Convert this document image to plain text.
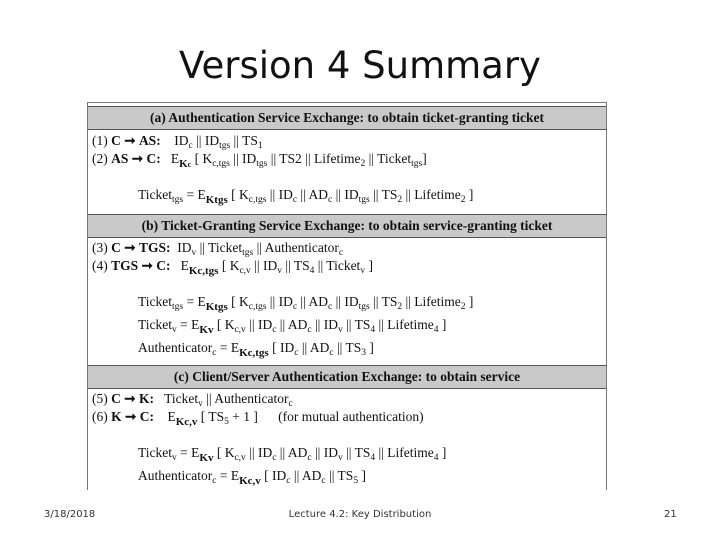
Version 4 Summary
(a) Authentication Service Exchange: to obtain ticket-granting ticket
(1) C ➞ AS:    $ID_c$ || $ID_{tgs}$ || $TS_1$
(2) AS ➞ C:   $E_{Kc}$ [ $K_{c,tgs}$ || $ID_{tgs}$ || TS2 || Lifetime$_2$ || Ticket$_{tgs}$]
Ticket$_{tgs}$ = $E_{Ktgs}$ [ $K_{c,tgs}$ || $ID_c$ || $AD_c$ || $ID_{tgs}$ || $TS_2$ || Lifetime$_2$ ]
(b) Ticket-Granting Service Exchange: to obtain service-granting ticket
(3) C ➞ TGS:  $ID_v$ || Ticket$_{tgs}$ || Authenticator$_c$
(4) TGS ➞ C:   $E_{Kc,tgs}$ [ $K_{c,v}$ || $ID_v$ || $TS_4$ || Ticket$_v$ ]
Ticket$_{tgs}$ = $E_{Ktgs}$ [ $K_{c,tgs}$ || $ID_c$ || $AD_c$ || $ID_{tgs}$ || $TS_2$ || Lifetime$_2$ ]
Ticket$_v$ = $E_{Kv}$ [ $K_{c,v}$ || $ID_c$ || $AD_c$ || $ID_v$ || $TS_4$ || Lifetime$_4$ ]
Authenticator$_c$ = $E_{Kc,tgs}$ [ $ID_c$ || $AD_c$ || $TS_3$ ]
(c) Client/Server Authentication Exchange: to obtain service
(5) C ➞ K:   Ticket$_v$ || Authenticator$_c$
(6) K ➞ C:    $E_{Kc,v}$ [ $TS_5 + 1$ ]      (for mutual authentication)
Ticket$_v$ = $E_{Kv}$ [ $K_{c,v}$ || $ID_c$ || $AD_c$ || $ID_v$ || $TS_4$ || Lifetime$_4$ ]
Authenticator$_c$ = $E_{Kc,v}$ [ $ID_c$ || $AD_c$ || $TS_5$ ]
3/18/2018	Lecture 4.2: Key Distribution	21
